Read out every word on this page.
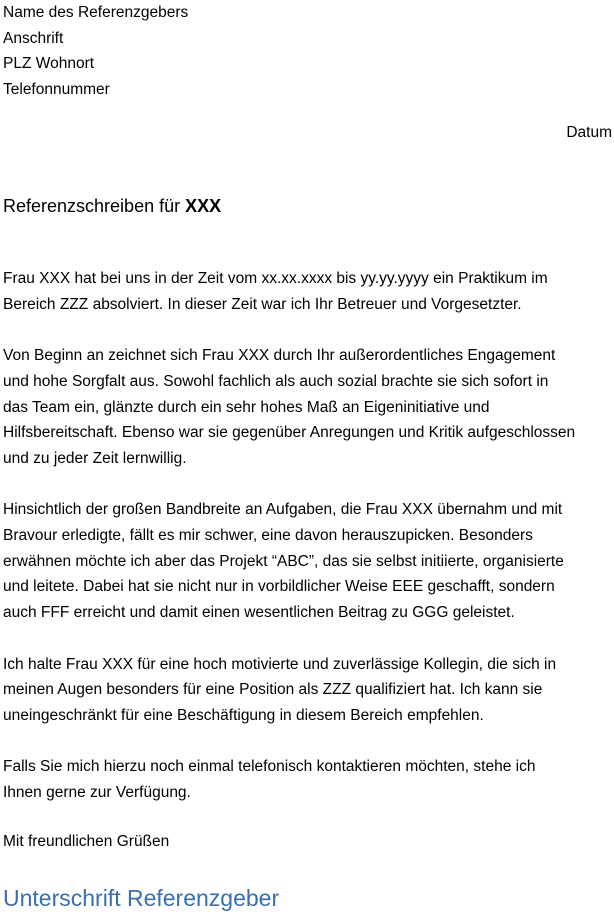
Name des Referenzgebers
Anschrift
PLZ Wohnort
Telefonnummer
Datum
Referenzschreiben für XXX

Frau XXX hat bei uns in der Zeit vom xx.xx.xxxx bis yy.yy.yyyy ein Praktikum im
Bereich ZZZ absolviert. In dieser Zeit war ich Ihr Betreuer und Vorgesetzter.

Von Beginn an zeichnet sich Frau XXX durch Ihr außerordentliches Engagement
und hohe Sorgfalt aus. Sowohl fachlich als auch sozial brachte sie sich sofort in
das Team ein, glänzte durch ein sehr hohes Maß an Eigeninitiative und
Hilfsbereitschaft. Ebenso war sie gegenüber Anregungen und Kritik aufgeschlossen
und zu jeder Zeit lernwillig.

Hinsichtlich der großen Bandbreite an Aufgaben, die Frau XXX übernahm und mit
Bravour erledigte, fällt es mir schwer, eine davon herauszupicken. Besonders
erwähnen möchte ich aber das Projekt “ABC”, das sie selbst initiierte, organisierte
und leitete. Dabei hat sie nicht nur in vorbildlicher Weise EEE geschafft, sondern
auch FFF erreicht und damit einen wesentlichen Beitrag zu GGG geleistet.

Ich halte Frau XXX für eine hoch motivierte und zuverlässige Kollegin, die sich in
meinen Augen besonders für eine Position als ZZZ qualifiziert hat. Ich kann sie
uneingeschränkt für eine Beschäftigung in diesem Bereich empfehlen.

Falls Sie mich hierzu noch einmal telefonisch kontaktieren möchten, stehe ich
Ihnen gerne zur Verfügung.

Mit freundlichen Grüßen
Unterschrift Referenzgeber
